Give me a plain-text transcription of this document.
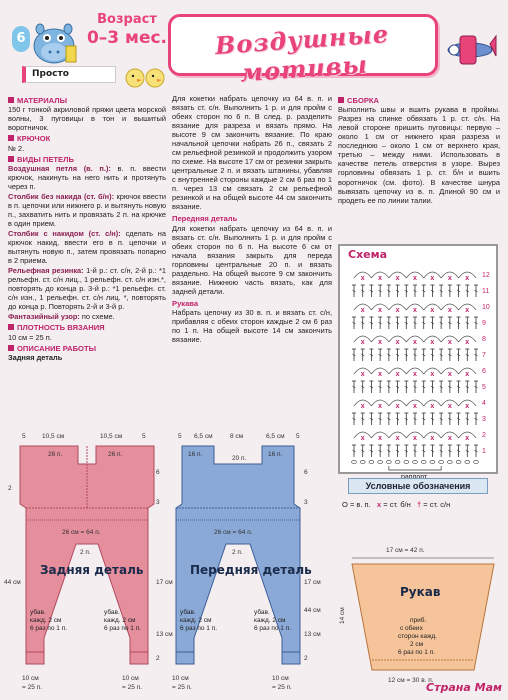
6
Возраст
0–3 мес.
Просто
Воздушные мотивы
МАТЕРИАЛЫ

150 г тонкой акриловой пряжи цвета морской волны, 3 пуговицы в тон и вышитый воротничок.

КРЮЧОК

№ 2.

ВИДЫ ПЕТЕЛЬ

Воздушная петля (в. п.): в. п. ввести крючок, накинуть на него нить и протянуть через п.

Столбик без накида (ст. б/н): крючок ввести в п. цепочки или нижнего р. и вытянуть новую п., захватить нить и провязать 2 п. на крючке в один прием.

Столбик с накидом (ст. с/н): сделать на крючок накид, ввести его в п. цепочки и вытянуть новую п., затем провязать попарно в 2 приема.

Рельефная резинка: 1-й р.: ст. с/н, 2-й р.: *1 рельефн. ст. с/н лиц., 1 рельефн. ст. с/н изн.*, повторять до конца р. 3-й р.: *1 рельефн. ст. с/н изн., 1 рельефн. ст. с/н лиц. *, повторять до конца р. Повторять 2-й и 3-й р.

Фантазийный узор: по схеме.

ПЛОТНОСТЬ ВЯЗАНИЯ

10 см = 25 п.

ОПИСАНИЕ РАБОТЫ

Задняя деталь

Для кокетки набрать цепочку из 64 в. п. и вязать ст. с/н. Выполнить 1 р. и для пройм с обеих сторон по 6 п. В след. р. разделить вязание для разреза и вязать прямо. На высоте 9 см закончить вязание. По краю начальной цепочки набрать 26 п., связать 2 см рельефной резинкой и продолжить узором по схеме. На высоте 17 см от резинки закрыть центральные 2 п. и вязать штанины, убавляя с внутренней стороны каждые 2 см 6 раз по 1 п. через 13 см связать 2 см рельефной резинкой и на общей высоте 44 см закончить вязание.

Передняя деталь

Для кокетки набрать цепочку из 64 в. п. и вязать ст. с/н. Выполнить 1 р. и для пройм с обеих сторон по 6 п. На высоте 6 см от начала вязания закрыть для переда горловины центральные 20 п. и вязать раздельно. На общей высоте 9 см закончить вязание. Нижнюю часть вязать, как для задней детали.

Рукава

Набрать цепочку из 30 в. п. и вязать ст. с/н, прибавляя с обеих сторон каждые 2 см 6 раз по 1 п. На общей высоте 14 см закончить вязание.

СБОРКА

Выполнить швы и вшить рукава в проймы. Разрез на спинке обвязать 1 р. ст. с/н. На левой стороне пришить пуговицы: первую – около 1 см от нижнего края разреза и последнюю – около 1 см от верхнего края, третью – между ними. Использовать в качестве петель отверстия в узоре. Вырез горловины обвязать 1 р. ст. б/н и вшить воротничок (см. фото). В качестве шнура вывязать цепочку из в. п. Длиной 90 см и продеть ее по линии талии.

12
x x x x x x x
11
10
x x x x x x x
9
8
x x x x x x x
7
6
x x x x x x x
5
4
x x x x x x x
3
2
x x x x x x x
1
Схема
Условные обозначения
О = в. п. x = ст. б/н † = ст. с/н
5	10,5 см	10,5 см	5
26 п.	26 п.
26 см = 64 п.
2 п.
2
6
3
17 см
44 см
13 см
2
Задняя деталь
убав. кажд. 2 см 6 раз по 1 п.
убав. кажд. 2 см 6 раз по 1 п.
10 см
= 25 п.
10 см
= 25 п.
5 6,5 см	8 см	6,5 см 5
16 п.	16 п.
20 п.
26 см = 64 п.
2 п.
6
3
17 см
44 см
13 см
2
Передняя деталь
убав. кажд. 2 см 6 раз по 1 п.
убав. кажд. 2 см 6 раз по 1 п.
10 см
= 25 п.
10 см
= 25 п.
17 см = 42 п.
Рукав
приб. с обеих сторон кажд. 2 см 6 раз по 1 п.
14 см
12 см = 30 в. п.
Страна Мам
